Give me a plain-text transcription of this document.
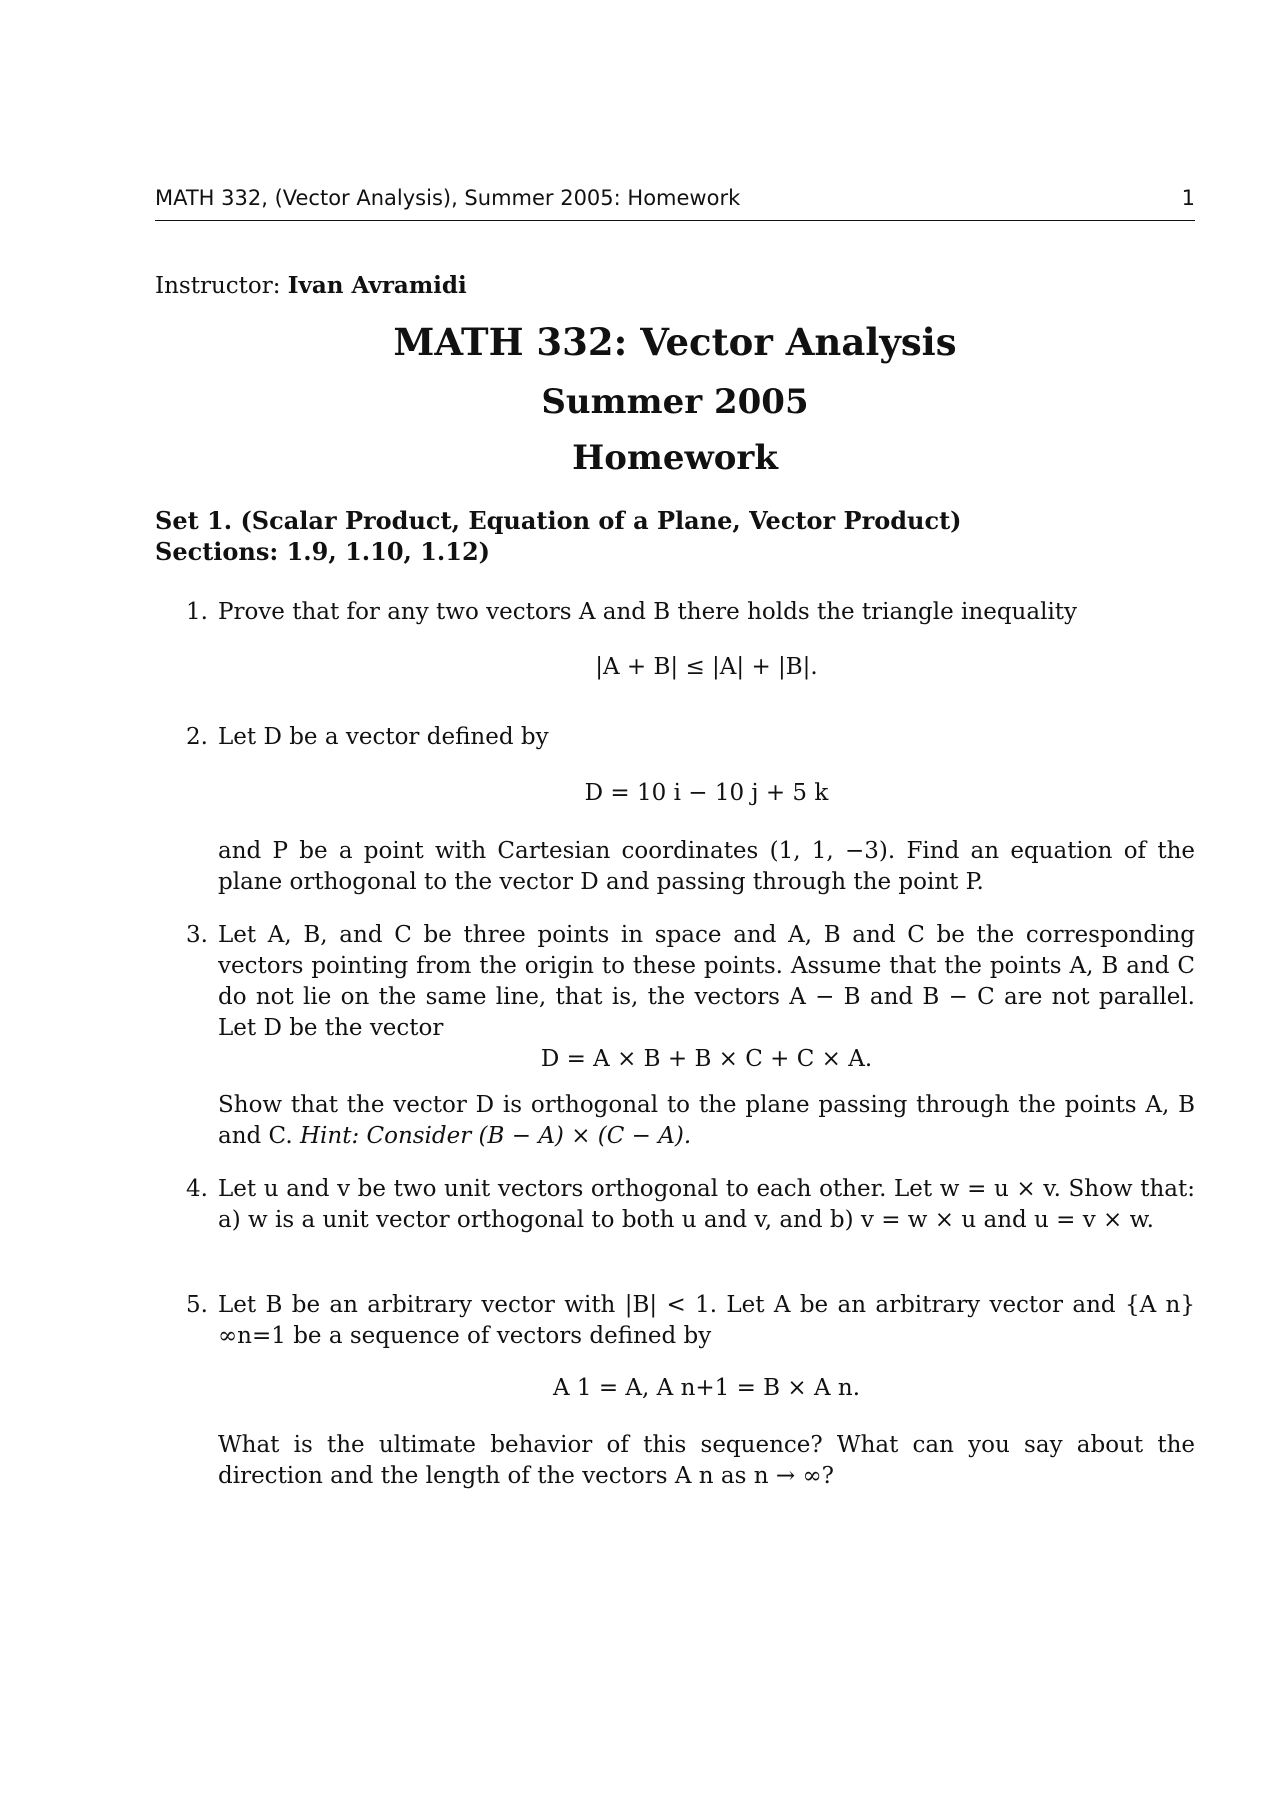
MATH 332, (Vector Analysis), Summer 2005: Homework	1
Instructor: Ivan Avramidi
MATH 332: Vector Analysis
Summer 2005
Homework
Set 1. (Scalar Product, Equation of a Plane, Vector Product)
Sections: 1.9, 1.10, 1.12)
1. Prove that for any two vectors A and B there holds the triangle inequality
|A + B| ≤ |A| + |B|.
2. Let D be a vector defined by
D = 10 i − 10 j + 5 k
and P be a point with Cartesian coordinates (1, 1, −3). Find an equation of the plane orthogonal to the vector D and passing through the point P.
3. Let A, B, and C be three points in space and A, B and C be the corresponding vectors pointing from the origin to these points. Assume that the points A, B and C do not lie on the same line, that is, the vectors A − B and B − C are not parallel. Let D be the vector
D = A × B + B × C + C × A.
Show that the vector D is orthogonal to the plane passing through the points A, B and C. Hint: Consider (B − A) × (C − A).
4. Let u and v be two unit vectors orthogonal to each other. Let w = u × v. Show that: a) w is a unit vector orthogonal to both u and v, and b) v = w × u and u = v × w.
5. Let B be an arbitrary vector with |B| < 1. Let A be an arbitrary vector and {A n}∞n=1 be a sequence of vectors defined by
A 1 = A, A n+1 = B × A n.
What is the ultimate behavior of this sequence? What can you say about the direction and the length of the vectors A n as n → ∞?
